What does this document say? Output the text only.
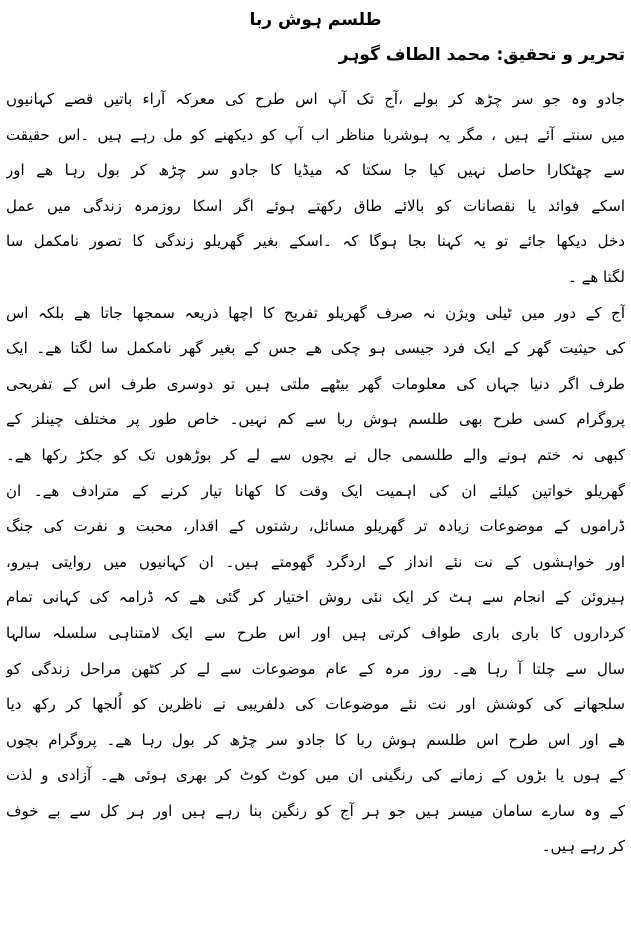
طلسم ہوش ربا
تحریر و تحقیق: محمد الطاف گوہر
جادو وہ جو سر چڑھ کر بولے ،آج تک آپ اس طرح کی معرکہ آراء باتیں قصے کہانیوں
میں سنتے آئے ہیں ، مگر یہ ہوشربا مناظر اب آپ کو دیکھنے کو مل رہے ہیں ۔اس حقیقت
سے چھٹکارا حاصل نہیں کیا جا سکتا کہ میڈیا کا جادو سر چڑھ کر بول رہا ھے اور
اسکے فوائد یا نقصانات کو بالائے طاق رکھتے ہوئے اگر اسکا روزمرہ زندگی میں عمل
دخل دیکھا جائے تو یہ کہنا بجا ہوگا کہ ۔اسکے بغیر گھریلو زندگی کا تصور نامکمل سا
لگتا ھے ۔
آج کے دور میں ٹیلی ویژن نہ صرف گھریلو تفریح کا اچھا ذریعہ سمجھا جاتا ھے بلکہ اس
کی حیثیت گھر کے ایک فرد جیسی ہو چکی ھے جس کے بغیر گھر نامکمل سا لگتا ھے۔ ایک
طرف اگر دنیا جہاں کی معلومات گھر بیٹھے ملتی ہیں تو دوسری طرف اس کے تفریحی
پروگرام کسی طرح بھی طلسم ہوش ربا سے کم نہیں۔ خاص طور پر مختلف چینلز کے
کبھی نہ ختم ہونے والے طلسمی جال نے بچوں سے لے کر بوڑھوں تک کو جکڑ رکھا ھے۔
گھریلو خواتین کیلئے ان کی اہمیت ایک وقت کا کھانا تیار کرنے کے مترادف ھے۔ ان
ڈراموں کے موضوعات زیادہ تر گھریلو مسائل، رشتوں کے اقدار، محبت و نفرت کی جنگ
اور خواہشوں کے نت نئے انداز کے اردگرد گھومتے ہیں۔ ان کہانیوں میں روایتی ہیرو،
ہیروئن کے انجام سے ہٹ کر ایک نئی روش اختیار کر گئی ھے کہ ڈرامہ کی کہانی تمام
کرداروں کا باری باری طواف کرتی ہیں اور اس طرح سے ایک لامتناہی سلسلہ سالہا
سال سے چلتا آ رہا ھے۔ روز مرہ کے عام موضوعات سے لے کر کٹھن مراحل زندگی کو
سلجھانے کی کوشش اور نت نئے موضوعات کی دلفریبی نے ناظرین کو اُلجھا کر رکھ دیا
ھے اور اس طرح اس طلسم ہوش ربا کا جادو سر چڑھ کر بول رہا ھے۔ پروگرام بچوں
کے ہوں یا بڑوں کے زمانے کی رنگینی ان میں کوٹ کوٹ کر بھری ہوئی ھے۔ آزادی و لذت
کے وہ سارے سامان میسر ہیں جو ہر آج کو رنگین بنا رہے ہیں اور ہر کل سے بے خوف
کر رہے ہیں۔
